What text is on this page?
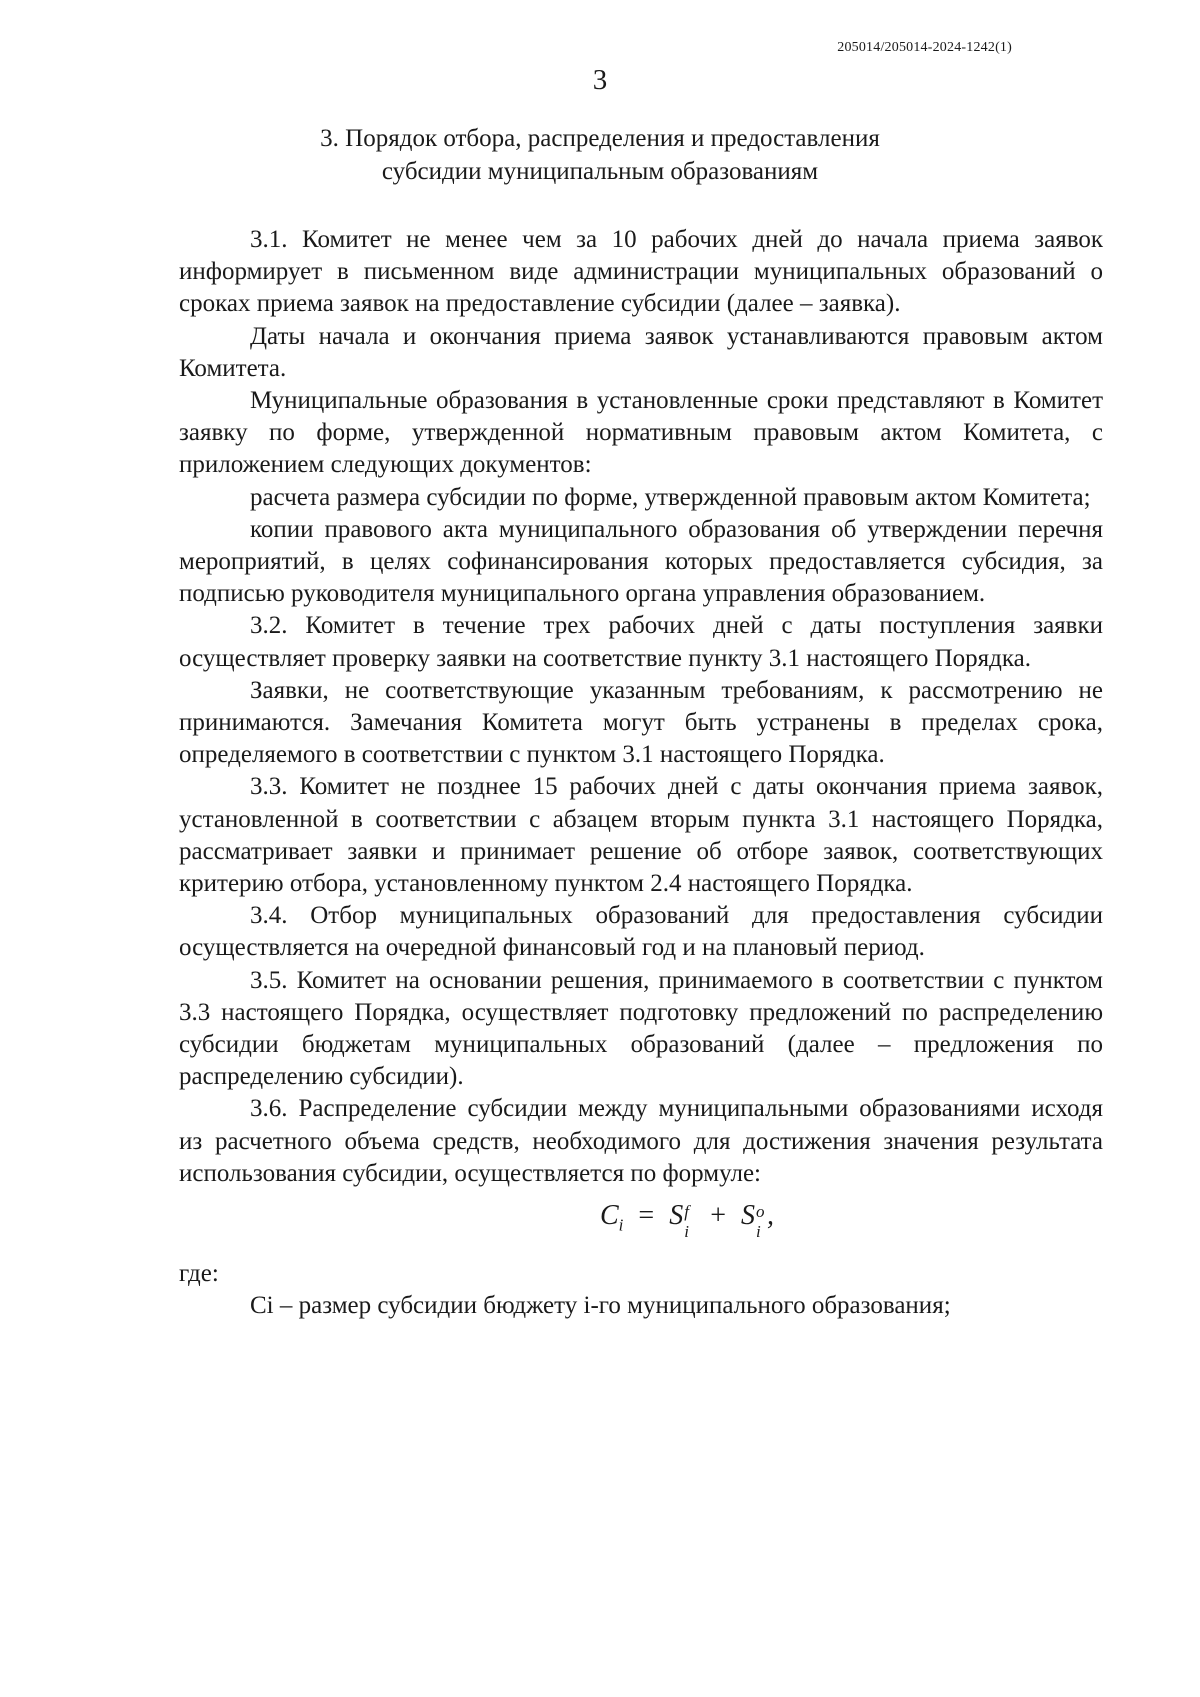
205014/205014-2024-1242(1)
3
3. Порядок отбора, распределения и предоставления
субсидии муниципальным образованиям

3.1. Комитет не менее чем за 10 рабочих дней до начала приема заявок информирует в письменном виде администрации муниципальных образований о сроках приема заявок на предоставление субсидии (далее – заявка).

Даты начала и окончания приема заявок устанавливаются правовым актом Комитета.

Муниципальные образования в установленные сроки представляют в Комитет заявку по форме, утвержденной нормативным правовым актом Комитета, с приложением следующих документов:

расчета размера субсидии по форме, утвержденной правовым актом Комитета;

копии правового акта муниципального образования об утверждении перечня мероприятий, в целях софинансирования которых предоставляется субсидия, за подписью руководителя муниципального органа управления образованием.

3.2. Комитет в течение трех рабочих дней с даты поступления заявки осуществляет проверку заявки на соответствие пункту 3.1 настоящего Порядка.

Заявки, не соответствующие указанным требованиям, к рассмотрению не принимаются. Замечания Комитета могут быть устранены в пределах срока, определяемого в соответствии с пунктом 3.1 настоящего Порядка.

3.3. Комитет не позднее 15 рабочих дней с даты окончания приема заявок, установленной в соответствии с абзацем вторым пункта 3.1 настоящего Порядка, рассматривает заявки и принимает решение об отборе заявок, соответствующих критерию отбора, установленному пунктом 2.4 настоящего Порядка.

3.4. Отбор муниципальных образований для предоставления субсидии осуществляется на очередной финансовый год и на плановый период.

3.5. Комитет на основании решения, принимаемого в соответствии с пунктом 3.3 настоящего Порядка, осуществляет подготовку предложений по распределению субсидии бюджетам муниципальных образований (далее – предложения по распределению субсидии).

3.6. Распределение субсидии между муниципальными образованиями исходя из расчетного объема средств, необходимого для достижения значения результата использования субсидии, осуществляется по формуле:

$C_i = S$ f
i
+ S o
i
,

где:

Ci – размер субсидии бюджету i-го муниципального образования;
